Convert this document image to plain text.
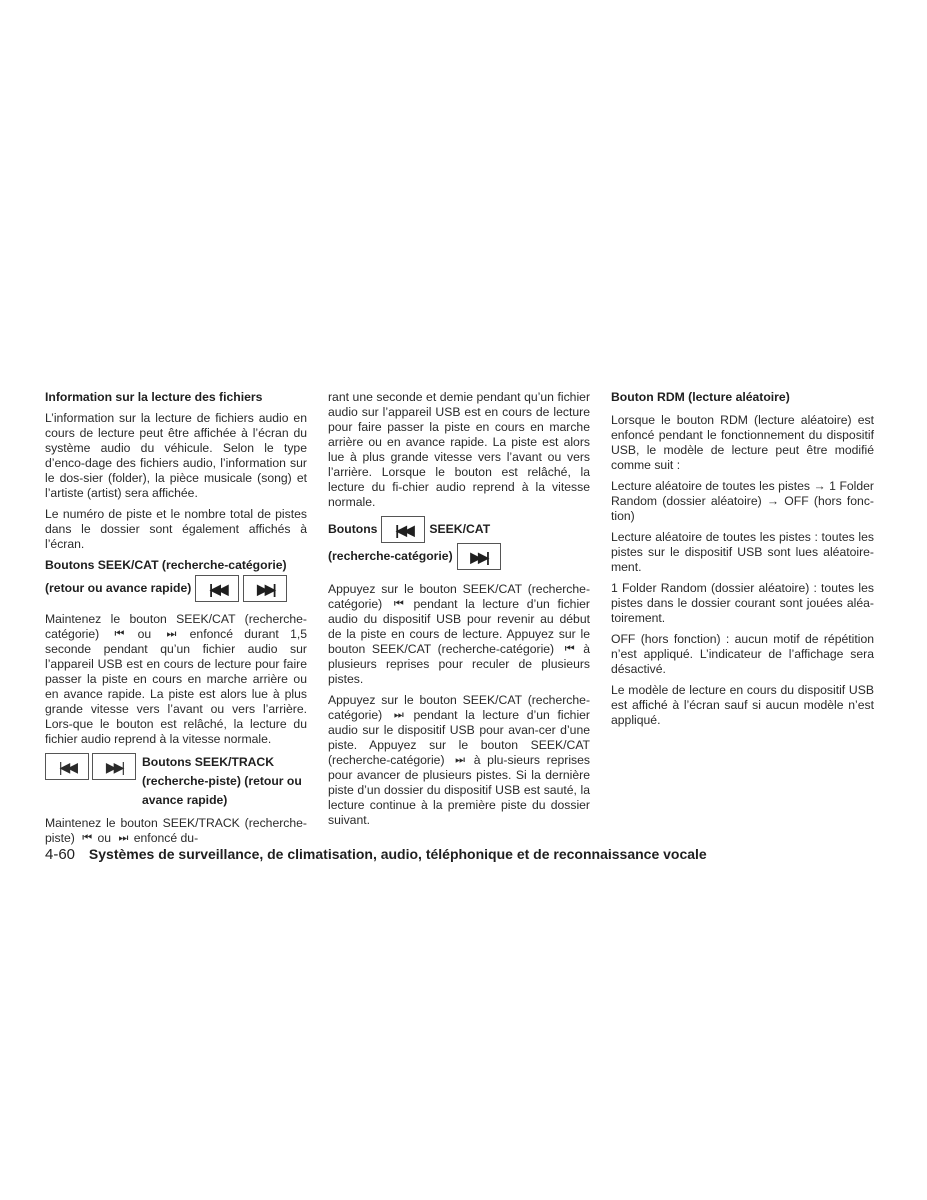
Information sur la lecture des fichiers

L’information sur la lecture de fichiers audio en cours de lecture peut être affichée à l’écran du système audio du véhicule. Selon le type d’enco-dage des fichiers audio, l’information sur le dos-sier (folder), la pièce musicale (song) et l’artiste (artist) sera affichée.

Le numéro de piste et le nombre total de pistes dans le dossier sont également affichés à l’écran.

Boutons SEEK/CAT (recherche-catégorie)
(retour ou avance rapide)	|◀◀	▶▶|

Maintenez le bouton SEEK/CAT (recherche-catégorie) ⏮ ou ⏭ enfoncé durant 1,5 seconde pendant qu’un fichier audio sur l’appareil USB est en cours de lecture pour faire passer la piste en cours en marche arrière ou en avance rapide. La piste est alors lue à plus grande vitesse vers l’avant ou vers l’arrière. Lors-que le bouton est relâché, la lecture du fichier audio reprend à la vitesse normale.

|◀◀	▶▶|	Boutons SEEK/TRACK (recherche-piste) (retour ou avance rapide)

Maintenez le bouton SEEK/TRACK (recherche-piste) ⏮ ou ⏭ enfoncé du-

rant une seconde et demie pendant qu’un fichier audio sur l’appareil USB est en cours de lecture pour faire passer la piste en cours en marche arrière ou en avance rapide. La piste est alors lue à plus grande vitesse vers l’avant ou vers l’arrière. Lorsque le bouton est relâché, la lecture du fi-chier audio reprend à la vitesse normale.

Boutons	|◀◀	SEEK/CAT
(recherche-catégorie)	▶▶|

Appuyez sur le bouton SEEK/CAT (recherche-catégorie) ⏮ pendant la lecture d’un fichier audio du dispositif USB pour revenir au début de la piste en cours de lecture. Appuyez sur le bouton SEEK/CAT (recherche-catégorie) ⏮ à plusieurs reprises pour reculer de plusieurs pistes.

Appuyez sur le bouton SEEK/CAT (recherche-catégorie) ⏭ pendant la lecture d’un fichier audio sur le dispositif USB pour avan-cer d’une piste. Appuyez sur le bouton SEEK/CAT (recherche-catégorie) ⏭ à plu-sieurs reprises pour avancer de plusieurs pistes. Si la dernière piste d’un dossier du dispositif USB est sauté, la lecture continue à la première piste du dossier suivant.

Bouton RDM (lecture aléatoire)

Lorsque le bouton RDM (lecture aléatoire) est enfoncé pendant le fonctionnement du dispositif USB, le modèle de lecture peut être modifié comme suit :

Lecture aléatoire de toutes les pistes → 1 Folder Random (dossier aléatoire) → OFF (hors fonc-tion)

Lecture aléatoire de toutes les pistes : toutes les pistes sur le dispositif USB sont lues aléatoire-ment.

1 Folder Random (dossier aléatoire) : toutes les pistes dans le dossier courant sont jouées aléa-toirement.

OFF (hors fonction) : aucun motif de répétition n’est appliqué. L’indicateur de l’affichage sera désactivé.

Le modèle de lecture en cours du dispositif USB est affiché à l’écran sauf si aucun modèle n’est appliqué.

4-60 Systèmes de surveillance, de climatisation, audio, téléphonique et de reconnaissance vocale
